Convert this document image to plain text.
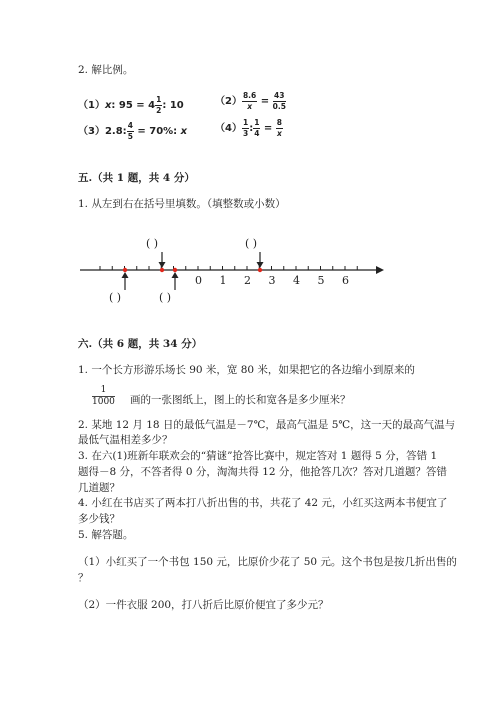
2. 解比例。
（1）x: $95 = 4 \frac{1}{2}$ : 10	$(2) \frac{8.6}{x} = \frac{43}{0.5}$
（3）2.8: $\frac{4}{5} = 70\%$: x	$(4) \frac{1}{3}$ : $\frac{1}{4} = \frac{8}{x}$
五.（共 1 题，共 4 分）
1. 从左到右在括号里填数。（填整数或小数）
0 1 2 3 4 5 6
( )	( )
( )	( )
六.（共 6 题，共 34 分）
1. 一个长方形游乐场长 90 米，宽 80 米，如果把它的各边缩小到原来的
$\frac{1}{1000}$ 画的一张图纸上，图上的长和宽各是多少厘米？
2. 某地 12 月 18 日的最低气温是－7℃，最高气温是 5℃，这一天的最高气温与
最低气温相差多少？
3. 在六(1)班新年联欢会的“猜谜”抢答比赛中，规定答对 1 题得 5 分，答错 1
题得－8 分，不答者得 0 分，淘淘共得 12 分，他抢答几次？答对几道题？答错
几道题？
4. 小红在书店买了两本打八折出售的书，共花了 42 元，小红买这两本书便宜了
多少钱？
5. 解答题。
（1）小红买了一个书包 150 元，比原价少花了 50 元。这个书包是按几折出售的
？
（2）一件衣服 200，打八折后比原价便宜了多少元？
